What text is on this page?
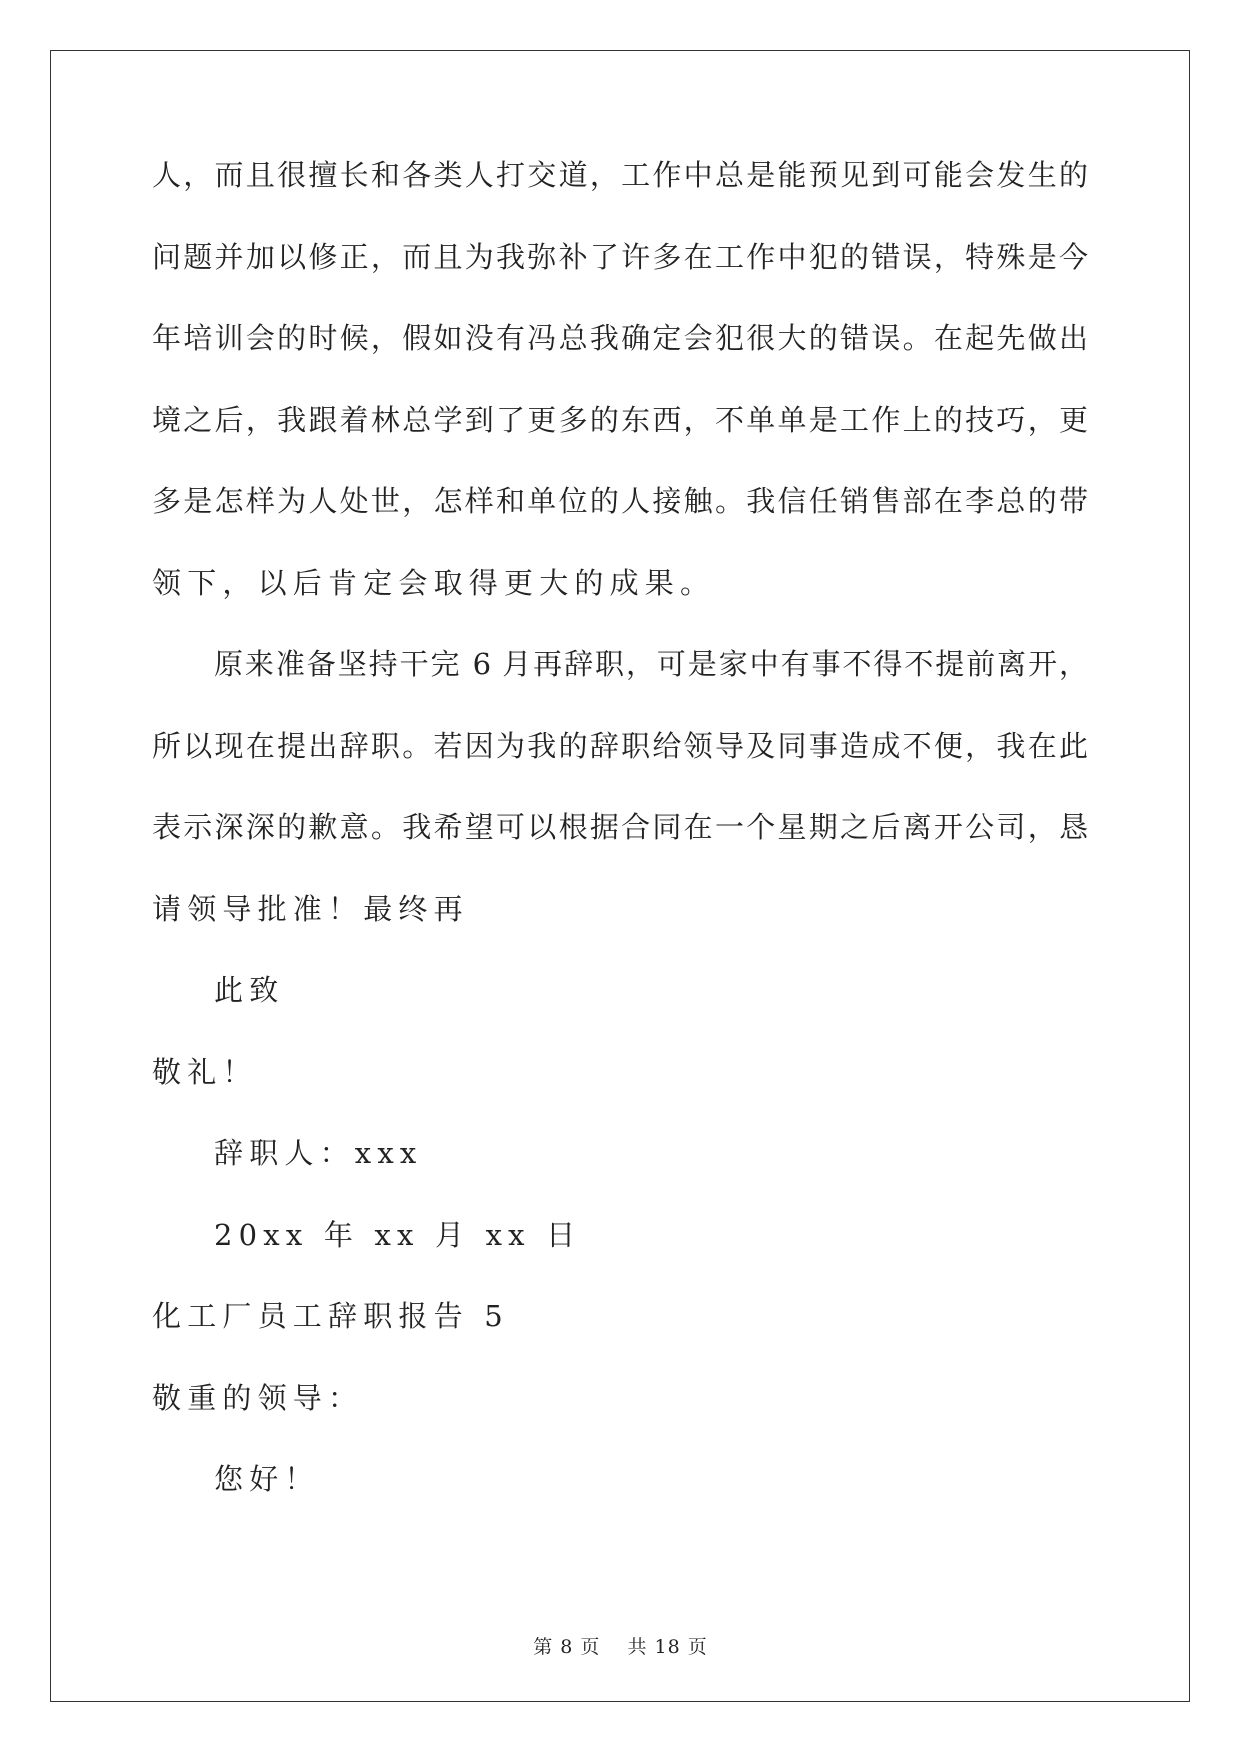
人，而且很擅长和各类人打交道，工作中总是能预见到可能会发生的
问题并加以修正，而且为我弥补了许多在工作中犯的错误，特殊是今
年培训会的时候，假如没有冯总我确定会犯很大的错误。在起先做出
境之后，我跟着林总学到了更多的东西，不单单是工作上的技巧，更
多是怎样为人处世，怎样和单位的人接触。我信任销售部在李总的带
领下，以后肯定会取得更大的成果。
原来准备坚持干完 6 月再辞职，可是家中有事不得不提前离开，
所以现在提出辞职。若因为我的辞职给领导及同事造成不便，我在此
表示深深的歉意。我希望可以根据合同在一个星期之后离开公司，恳
请领导批准！最终再
此致
敬礼！
辞职人：xxx
20xx 年 xx 月 xx 日
化工厂员工辞职报告 5
敬重的领导：
您好！
第 8 页 共 18 页
